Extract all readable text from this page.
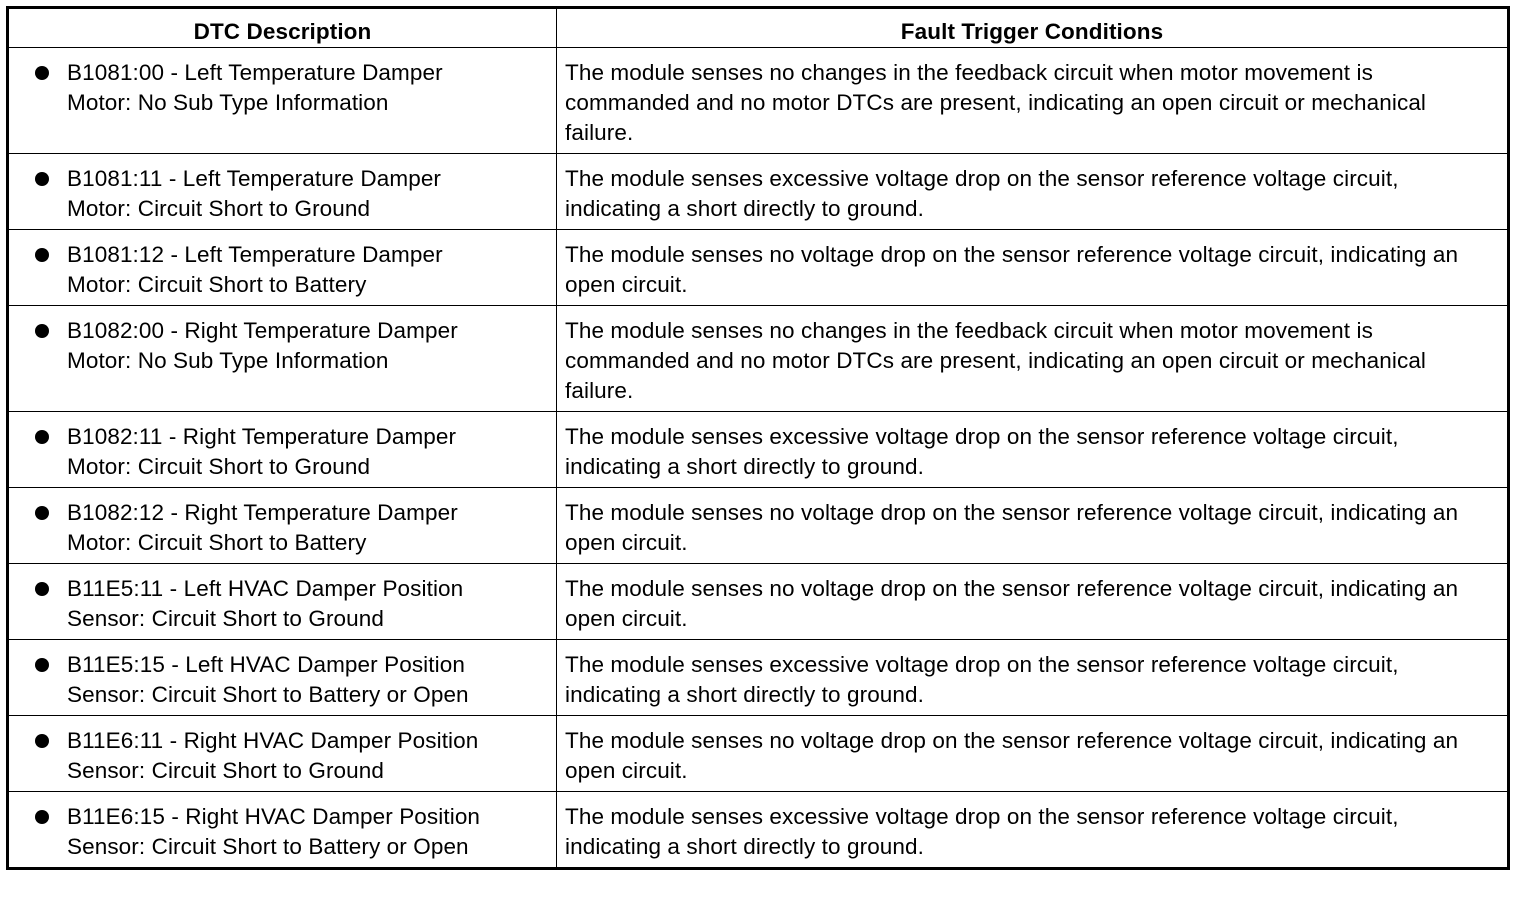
DTC Description	Fault Trigger Conditions

B1081:00 - Left Temperature Damper
Motor: No Sub Type Information	The module senses no changes in the feedback circuit when motor movement is commanded and no motor DTCs are present, indicating an open circuit or mechanical failure.

B1081:11 - Left Temperature Damper
Motor: Circuit Short to Ground	The module senses excessive voltage drop on the sensor reference voltage circuit, indicating a short directly to ground.

B1081:12 - Left Temperature Damper
Motor: Circuit Short to Battery	The module senses no voltage drop on the sensor reference voltage circuit, indicating an open circuit.

B1082:00 - Right Temperature Damper
Motor: No Sub Type Information	The module senses no changes in the feedback circuit when motor movement is commanded and no motor DTCs are present, indicating an open circuit or mechanical failure.

B1082:11 - Right Temperature Damper
Motor: Circuit Short to Ground	The module senses excessive voltage drop on the sensor reference voltage circuit, indicating a short directly to ground.

B1082:12 - Right Temperature Damper
Motor: Circuit Short to Battery	The module senses no voltage drop on the sensor reference voltage circuit, indicating an open circuit.

B11E5:11 - Left HVAC Damper Position
Sensor: Circuit Short to Ground	The module senses no voltage drop on the sensor reference voltage circuit, indicating an open circuit.

B11E5:15 - Left HVAC Damper Position
Sensor: Circuit Short to Battery or Open	The module senses excessive voltage drop on the sensor reference voltage circuit, indicating a short directly to ground.

B11E6:11 - Right HVAC Damper Position
Sensor: Circuit Short to Ground	The module senses no voltage drop on the sensor reference voltage circuit, indicating an open circuit.

B11E6:15 - Right HVAC Damper Position
Sensor: Circuit Short to Battery or Open	The module senses excessive voltage drop on the sensor reference voltage circuit, indicating a short directly to ground.
